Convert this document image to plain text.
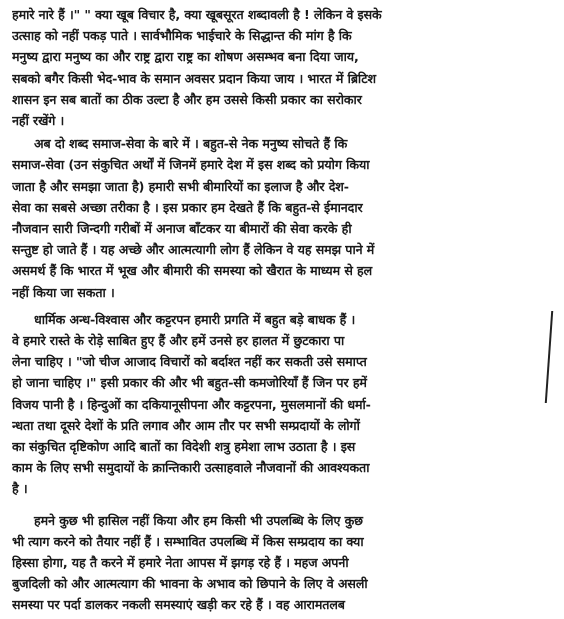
हमारे नारे हैं ।" " क्या खूब विचार है, क्या खूबसूरत शब्दावली है ! लेकिन वे इसके
उत्साह को नहीं पकड़ पाते । सार्वभौमिक भाईचारे के सिद्धान्त की मांग है कि
मनुष्य द्वारा मनुष्य का और राष्ट्र द्वारा राष्ट्र का शोषण असम्भव बना दिया जाय,
सबको बगैर किसी भेद-भाव के समान अवसर प्रदान किया जाय । भारत में ब्रिटिश
शासन इन सब बातों का ठीक उल्टा है और हम उससे किसी प्रकार का सरोकार
नहीं रखेंगे ।
अब दो शब्द समाज-सेवा के बारे में । बहुत-से नेक मनुष्य सोचते हैं कि
समाज-सेवा (उन संकुचित अर्थों में जिनमें हमारे देश में इस शब्द को प्रयोग किया
जाता है और समझा जाता है) हमारी सभी बीमारियों का इलाज है और देश-
सेवा का सबसे अच्छा तरीका है । इस प्रकार हम देखते हैं कि बहुत-से ईमानदार
नौजवान सारी जिन्दगी गरीबों में अनाज बाँटकर या बीमारों की सेवा करके ही
सन्तुष्ट हो जाते हैं । यह अच्छे और आत्मत्यागी लोग हैं लेकिन वे यह समझ पाने में
असमर्थ हैं कि भारत में भूख और बीमारी की समस्या को खैरात के माध्यम से हल
नहीं किया जा सकता ।
धार्मिक अन्ध-विश्वास और कट्टरपन हमारी प्रगति में बहुत बड़े बाधक हैं ।
वे हमारे रास्ते के रोड़े साबित हुए हैं और हमें उनसे हर हालत में छुटकारा पा
लेना चाहिए । "जो चीज आजाद विचारों को बर्दाश्त नहीं कर सकती उसे समाप्त
हो जाना चाहिए ।" इसी प्रकार की और भी बहुत-सी कमजोरियाँ हैं जिन पर हमें
विजय पानी है । हिन्दुओं का दकियानूसीपना और कट्टरपना, मुसलमानों की धर्मा-
न्धता तथा दूसरे देशों के प्रति लगाव और आम तौर पर सभी सम्प्रदायों के लोगों
का संकुचित दृष्टिकोण आदि बातों का विदेशी शत्रु हमेशा लाभ उठाता है । इस
काम के लिए सभी समुदायों के क्रान्तिकारी उत्साहवाले नौजवानों की आवश्यकता
है ।
हमने कुछ भी हासिल नहीं किया और हम किसी भी उपलब्धि के लिए कुछ
भी त्याग करने को तैयार नहीं हैं । सम्भावित उपलब्धि में किस सम्प्रदाय का क्या
हिस्सा होगा, यह तै करने में हमारे नेता आपस में झगड़ रहे हैं । महज अपनी
बुजदिली को और आत्मत्याग की भावना के अभाव को छिपाने के लिए वे असली
समस्या पर पर्दा डालकर नकली समस्याएं खड़ी कर रहे हैं । वह आरामतलब
